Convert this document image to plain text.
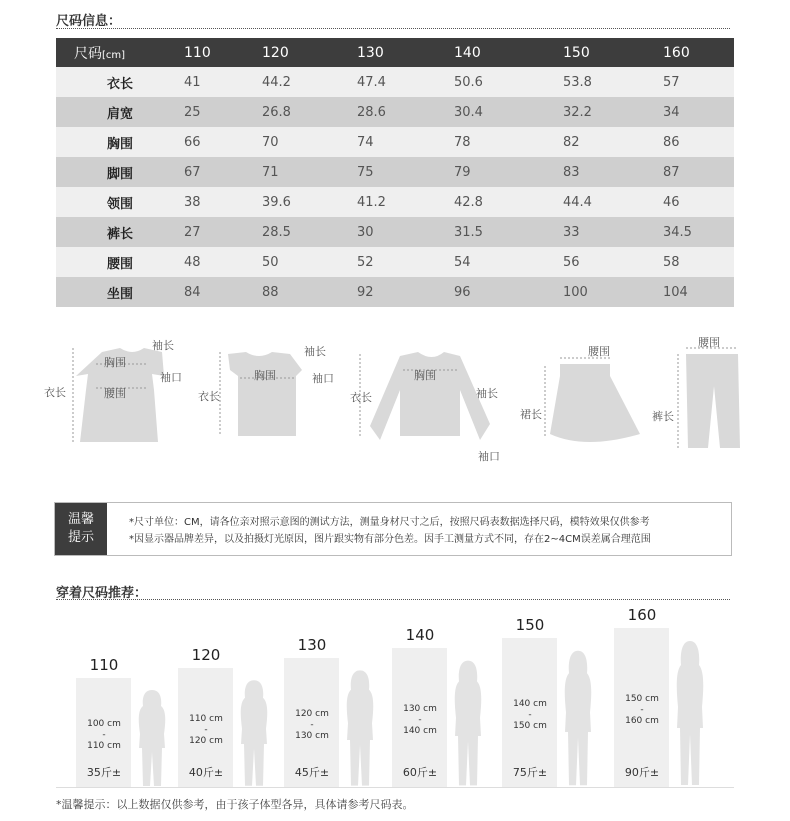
尺码信息：
尺码[cm]	110	120	130	140	150	160
衣长	41	44.2	47.4	50.6	53.8	57
肩宽	25	26.8	28.6	30.4	32.2	34
胸围	66	70	74	78	82	86
脚围	67	71	75	79	83	87
领围	38	39.6	41.2	42.8	44.4	46
裤长	27	28.5	30	31.5	33	34.5
腰围	48	50	52	54	56	58
坐围	84	88	92	96	100	104
袖长
胸围
袖口
衣长	腰围
袖长
胸围	袖口
衣长
胸围
袖长
衣长
袖口
腰围
裙长
腰围
裤长
温馨
提示
*尺寸单位：CM，请各位亲对照示意图的测试方法，测量身材尺寸之后，按照尺码表数据选择尺码，模特效果仅供参考
*因显示器品牌差异，以及拍摄灯光原因，图片跟实物有部分色差。因手工测量方式不同，存在2~4CM误差属合理范围
穿着尺码推荐：
110
100 cm
-
110 cm
35斤±
120
110 cm
-
120 cm
40斤±
130
120 cm
-
130 cm
45斤±
140
130 cm
-
140 cm
60斤±
150
140 cm
-
150 cm
75斤±
160
150 cm
-
160 cm
90斤±
*温馨提示：以上数据仅供参考，由于孩子体型各异，具体请参考尺码表。
